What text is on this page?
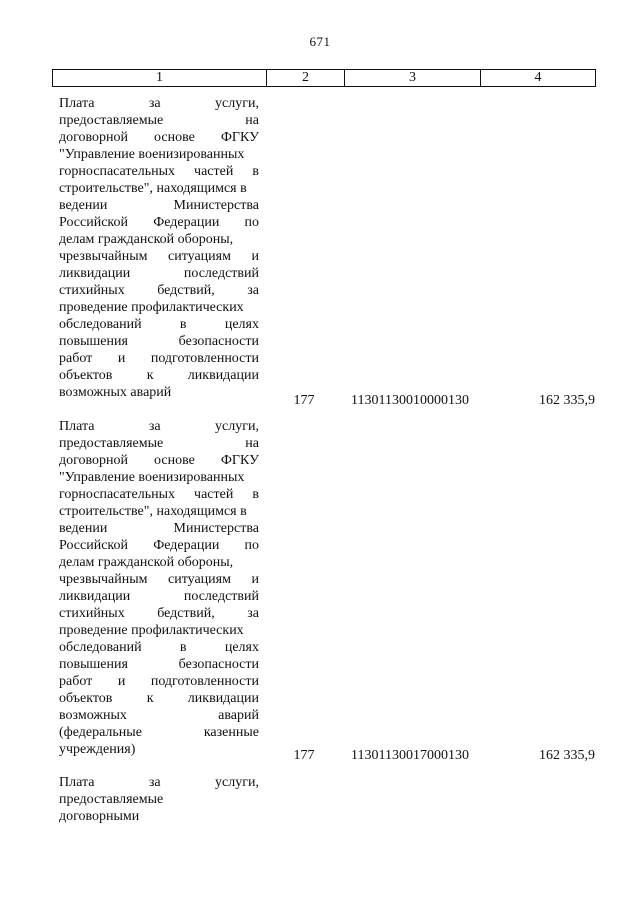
671
1	2	3	4
Плата	за	услуги,
предоставляемые	на
договорной основе ФГКУ
"Управление военизированных
горноспасательных частей в
строительстве", находящимся в
ведении	Министерства
Российской Федерации по
делам гражданской обороны,
чрезвычайным ситуациям и
ликвидации	последствий
стихийных бедствий, за
проведение профилактических
обследований	в	целях
повышения	безопасности
работ и подготовленности
объектов к ликвидации
возможных аварий
177	11301130010000130	162 335,9
Плата	за	услуги,
предоставляемые	на
договорной основе ФГКУ
"Управление военизированных
горноспасательных частей в
строительстве", находящимся в
ведении	Министерства
Российской Федерации по
делам гражданской обороны,
чрезвычайным ситуациям и
ликвидации	последствий
стихийных бедствий, за
проведение профилактических
обследований	в	целях
повышения	безопасности
работ и подготовленности
объектов к ликвидации
возможных	аварий
(федеральные	казенные
учреждения)	177	11301130017000130	162 335,9
Плата	за	услуги,
предоставляемые
договорными
